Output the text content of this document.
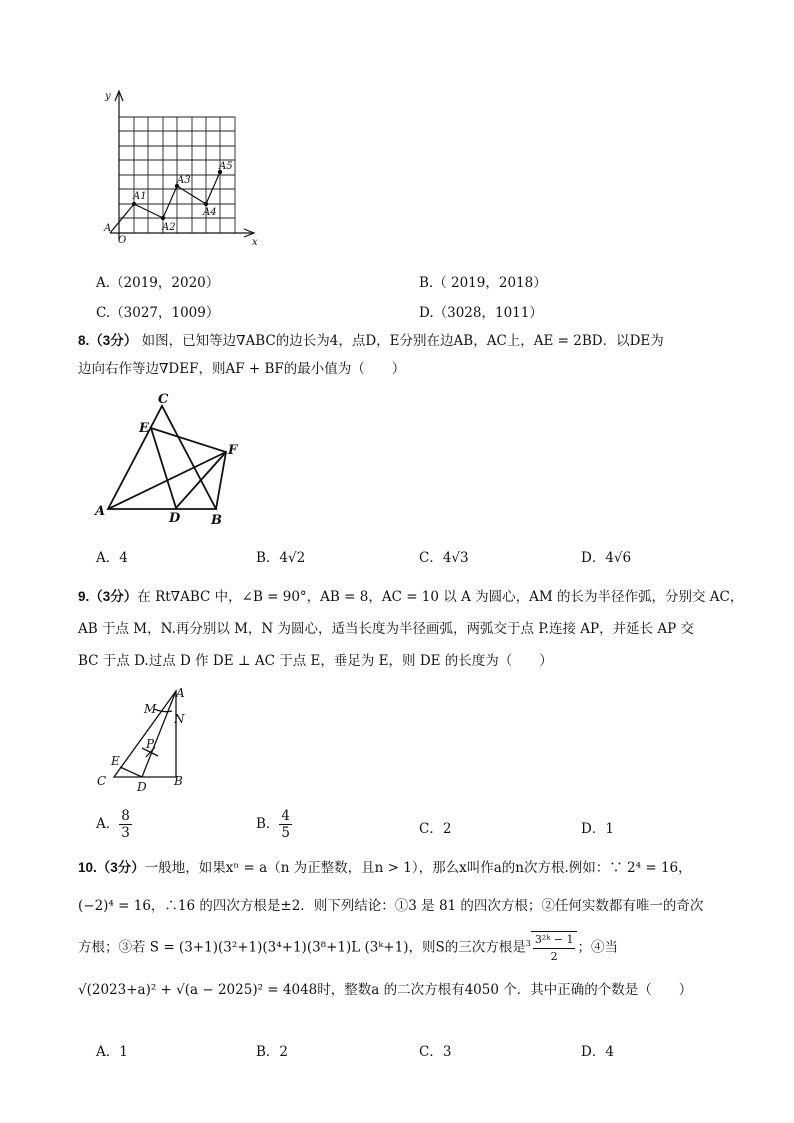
y
x
O
A
A1
A2
A3
A4
A5
A.（2019，2020）	B.（ 2019，2018）
C.（3027，1009）	D.（3028，1011）
8.（3分） 如图，已知等边∇ABC的边长为4，点D，E分别在边AB，AC上，AE = 2BD．以DE为
边向右作等边∇DEF，则AF + BF的最小值为（　　）
C
E
F
A	D B
A．4	B．4√2	C．4√3	D．4√6
9.（3分）在 Rt∇ABC 中，∠B = 90°，AB = 8，AC = 10 以 A 为圆心，AM 的长为半径作弧，分别交 AC，
AB 于点 M，N.再分别以 M，N 为圆心，适当长度为半径画弧，两弧交于点 P.连接 AP，并延长 AP 交
BC 于点 D.过点 D 作 DE ⊥ AC 于点 E，垂足为 E，则 DE 的长度为（　　）
A
M
N
P
E
C	D B
A． $\frac{8}{3}$	B． $\frac{4}{5}$	C．2	D．1
10.（3分）一般地，如果xⁿ = a（n 为正整数，且n > 1），那么x叫作a的n次方根.例如：∵ 2⁴ = 16，
(−2)⁴ = 16，∴16 的四次方根是±2．则下列结论：①3 是 81 的四次方根；②任何实数都有唯一的奇次
方根；③若 S = (3+1)(3²+1)(3⁴+1)(3⁸+1)L (3ᵏ+1)，则S的三次方根是$^3 \frac{\text{3²ᵏ − 1}}{2}$ ；④当
√(2023+a)² + √(a − 2025)² = 4048时，整数a 的二次方根有4050 个．其中正确的个数是（　　）
A．1	B．2	C．3	D．4
